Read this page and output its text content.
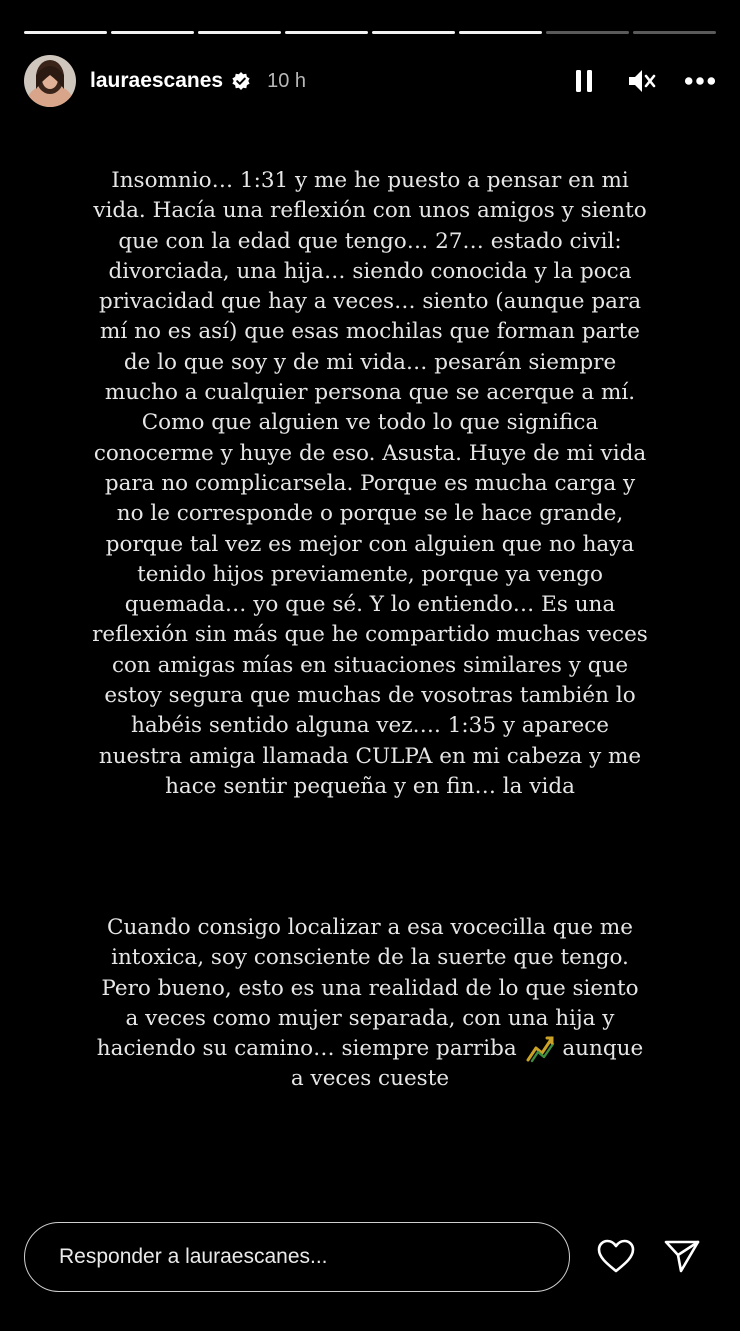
lauraescanes 10 h
Insomnio… 1:31 y me he puesto a pensar en mi vida. Hacía una reflexión con unos amigos y siento que con la edad que tengo… 27… estado civil: divorciada, una hija… siendo conocida y la poca privacidad que hay a veces… siento (aunque para mí no es así) que esas mochilas que forman parte de lo que soy y de mi vida… pesarán siempre mucho a cualquier persona que se acerque a mí. Como que alguien ve todo lo que significa conocerme y huye de eso. Asusta. Huye de mi vida para no complicarsela. Porque es mucha carga y no le corresponde o porque se le hace grande, porque tal vez es mejor con alguien que no haya tenido hijos previamente, porque ya vengo quemada… yo que sé. Y lo entiendo… Es una reflexión sin más que he compartido muchas veces con amigas mías en situaciones similares y que estoy segura que muchas de vosotras también lo habéis sentido alguna vez…. 1:35 y aparece nuestra amiga llamada CULPA en mi cabeza y me hace sentir pequeña y en fin… la vida
Cuando consigo localizar a esa vocecilla que me intoxica, soy consciente de la suerte que tengo. Pero bueno, esto es una realidad de lo que siento a veces como mujer separada, con una hija y haciendo su camino… siempre parriba aunque a veces cueste
Responder a lauraescanes...
